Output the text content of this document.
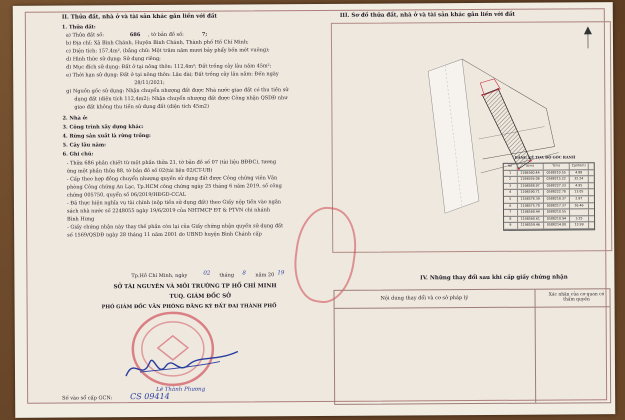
II. Thửa đất, nhà ở và tài sản khác gắn liền với đất
1. Thửa đất:
a) Thửa đất số:	686 , tờ bản đồ số:	7;
b) Địa chỉ: Xã Bình Chánh, Huyện Bình Chánh, Thành phố Hồ Chí Minh;
c) Diện tích: 157,4m², (bằng chữ: Một trăm năm mươi bảy phẩy bốn mét vuông);
d) Hình thức sử dụng: Sử dụng riêng;
đ) Mục đích sử dụng: Đất ở tại nông thôn: 112,4m²; Đất trồng cây lâu năm 45m²;
e) Thời hạn sử dụng: Đất ở tại nông thôn: Lâu dài; Đất trồng cây lâu năm: Đến ngày
28/11/2021;
g) Nguồn gốc sử dụng: Nhận chuyển nhượng đất được Nhà nước giao đất có thu tiền sử
dụng đất (diện tích 112,4m2); Nhận chuyển nhượng đất được Công nhận QSDĐ như
giao đất không thu tiền sử dụng đất (diện tích 45m2)
2. Nhà ở:
3. Công trình xây dựng khác:
4. Rừng sản xuất là rừng trồng:
5. Cây lâu năm:
6. Ghi chú:
- Thửa 686 phân chiết từ một phần thửa 21, tờ bản đồ số 07 (tài liệu BĐĐC), tương
ứng một phần thửa 88, tờ bản đồ số 02(tài liệu 02/CT-UB)
- Cấp theo hợp đồng chuyển nhượng quyền sử dụng đất được Công chứng viên Văn
phòng Công chứng An Lạc, Tp.HCM công chứng ngày 25 tháng 6 năm 2019, số công
chứng 005750, quyển số 06/2019/HĐGD-CCAL
- Đã thực hiện nghĩa vụ tài chính (nộp tiền sử dụng đất) theo Giấy nộp tiền vào ngân
sách nhà nước số 2248055 ngày 19/6/2019 của NHTMCP ĐT & PTVN chi nhánh
Bình Hưng
- Giấy chứng nhận này thay thế phần còn lại của Giấy chứng nhận quyền sử dụng đất
số 1569/QSDĐ ngày 28 tháng 11 năm 2001 do UBND huyện Bình Chánh cấp
Tp.Hồ Chí Minh, ngày	02 tháng 8 năm 20 19
SỞ TÀI NGUYÊN VÀ MÔI TRƯỜNG TP HỒ CHÍ MINH
TUQ. GIÁM ĐỐC SỞ
PHÓ GIÁM ĐỐC VĂN PHÒNG ĐĂNG KÝ ĐẤT ĐAI THÀNH PHỐ
Lê Thành Phương
Số vào sổ cấp GCN: CS 09414
III. Sơ đồ thửa đất, nhà ở và tài sản khác gắn liền với đất
BẢNG KÊ TỌA ĐỘ GÓC RANH
Số	X(m)	Y(m)	Cạnh(m)
1	1198560.44	0588210.55	4.88
2	1198559.08	0588215.22	32.24
3	1198588.97	0588227.33	4.95
4	1198590.71	0588222.70	13.05
5	1198578.39	0588218.37	2.87
6	1198575.70	0588217.37	16.46
7	1198560.44	0588210.55
8	1198560.61	0588210.94	3.25
9	1198559.46	0588214.00	13.99
IV. Những thay đổi sau khi cấp giấy chứng nhận
Nội dung thay đổi và cơ sở pháp lý
Xác nhận của cơ quan có thẩm quyền
